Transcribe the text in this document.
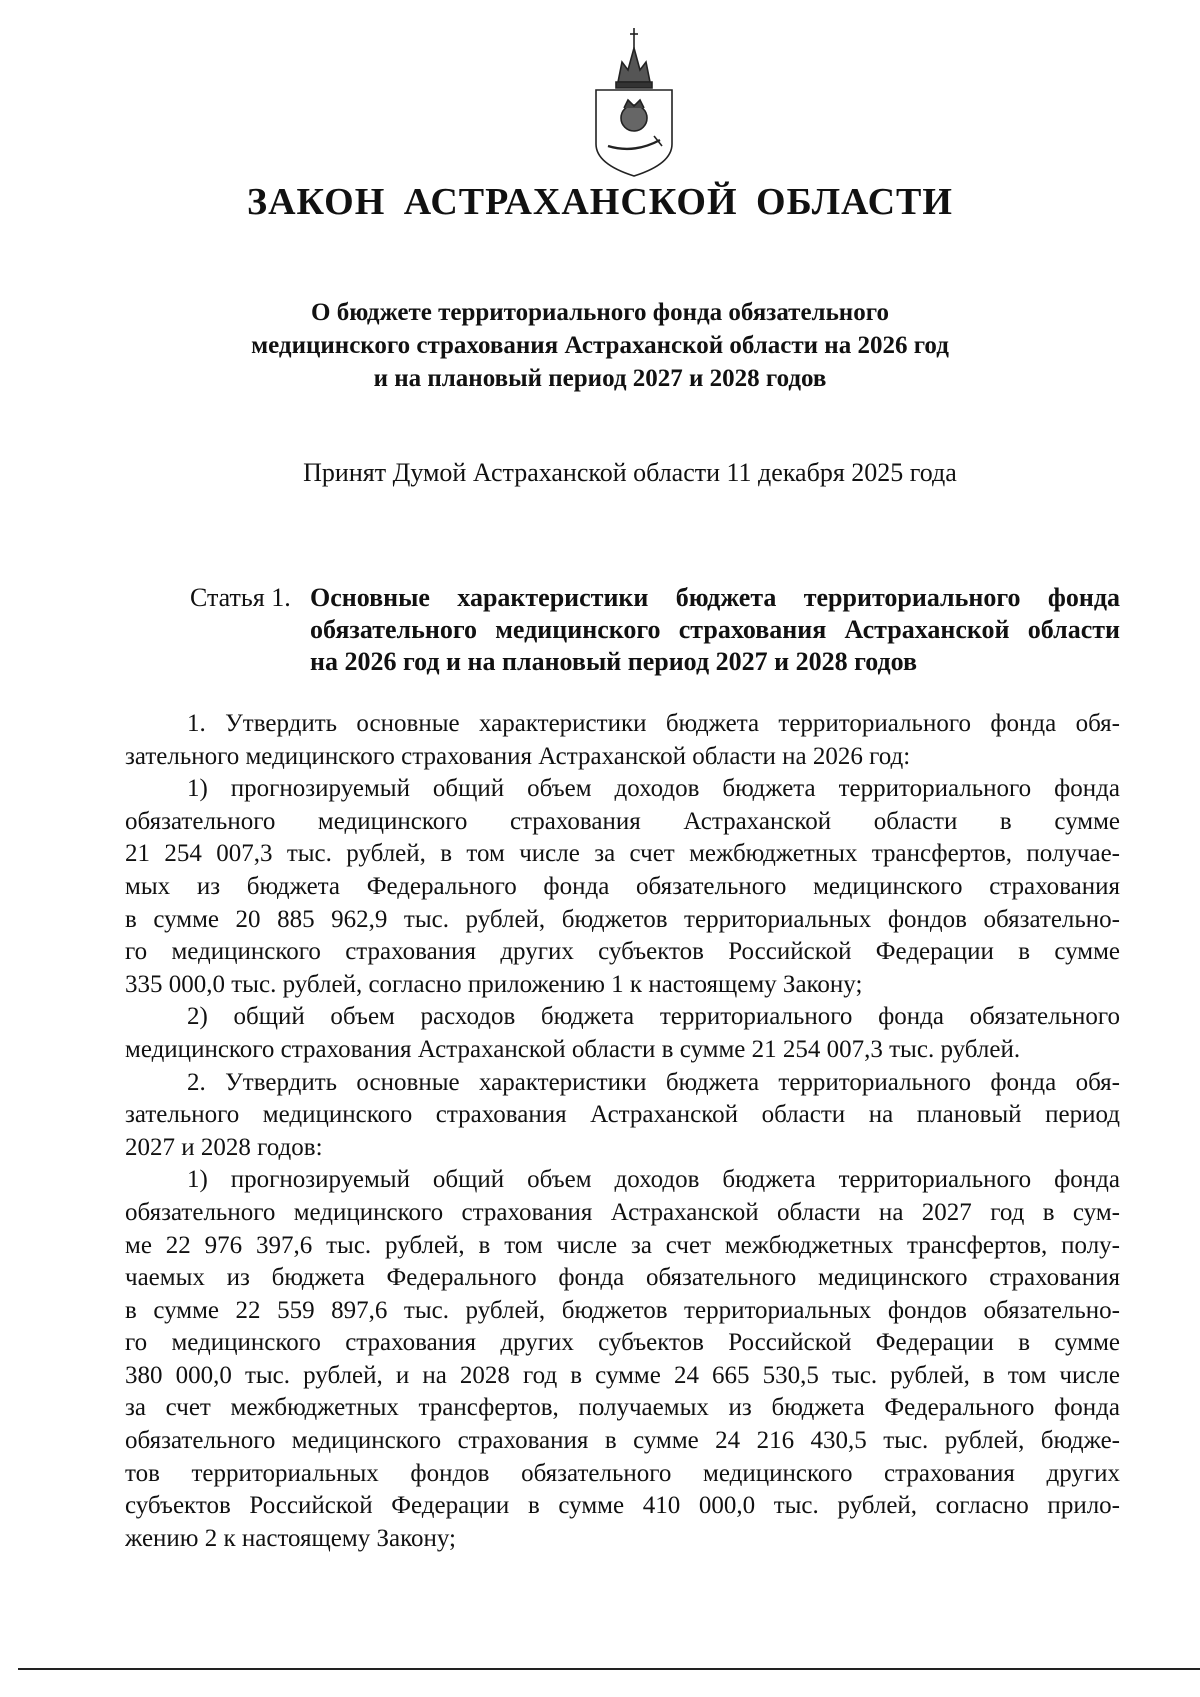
ЗАКОН АСТРАХАНСКОЙ ОБЛАСТИ
О бюджете территориального фонда обязательного
медицинского страхования Астраханской области на 2026 год
и на плановый период 2027 и 2028 годов

Принят Думой Астраханской области 11 декабря 2025 года

Статья 1. Основные характеристики бюджета территориального фонда
обязательного медицинского страхования Астраханской области
на 2026 год и на плановый период 2027 и 2028 годов

1. Утвердить основные характеристики бюджета территориального фонда обя-
зательного медицинского страхования Астраханской области на 2026 год:

1) прогнозируемый общий объем доходов бюджета территориального фонда
обязательного медицинского страхования Астраханской области в сумме
21 254 007,3 тыс. рублей, в том числе за счет межбюджетных трансфертов, получае-
мых из бюджета Федерального фонда обязательного медицинского страхования
в сумме 20 885 962,9 тыс. рублей, бюджетов территориальных фондов обязательно-
го медицинского страхования других субъектов Российской Федерации в сумме
335 000,0 тыс. рублей, согласно приложению 1 к настоящему Закону;

2) общий объем расходов бюджета территориального фонда обязательного
медицинского страхования Астраханской области в сумме 21 254 007,3 тыс. рублей.

2. Утвердить основные характеристики бюджета территориального фонда обя-
зательного медицинского страхования Астраханской области на плановый период
2027 и 2028 годов:

1) прогнозируемый общий объем доходов бюджета территориального фонда
обязательного медицинского страхования Астраханской области на 2027 год в сум-
ме 22 976 397,6 тыс. рублей, в том числе за счет межбюджетных трансфертов, полу-
чаемых из бюджета Федерального фонда обязательного медицинского страхования
в сумме 22 559 897,6 тыс. рублей, бюджетов территориальных фондов обязательно-
го медицинского страхования других субъектов Российской Федерации в сумме
380 000,0 тыс. рублей, и на 2028 год в сумме 24 665 530,5 тыс. рублей, в том числе
за счет межбюджетных трансфертов, получаемых из бюджета Федерального фонда
обязательного медицинского страхования в сумме 24 216 430,5 тыс. рублей, бюдже-
тов территориальных фондов обязательного медицинского страхования других
субъектов Российской Федерации в сумме 410 000,0 тыс. рублей, согласно прило-
жению 2 к настоящему Закону;
